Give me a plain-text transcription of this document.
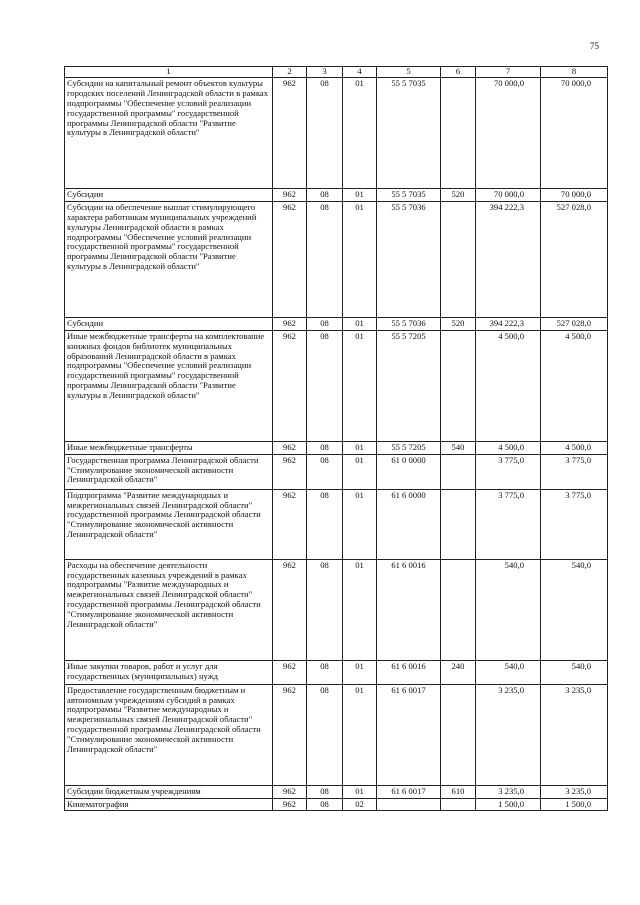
75
1	2	3	4	5	6	7	8
Субсидии на капитальный ремонт объектов культуры городских поселений Ленинградской области в рамках подпрограммы "Обеспечение условий реализации государственной программы" государственной программы Ленинградской области "Развитие культуры в Ленинградской области"	962	08	01	55 5 7035		70 000,0	70 000,0
Субсидии	962	08	01	55 5 7035	520	70 000,0	70 000,0
Субсидии на обеспечение выплат стимулирующего характера работникам муниципальных учреждений культуры Ленинградской области в рамках подпрограммы "Обеспечение условий реализации государственной программы" государственной программы Ленинградской области "Развитие культуры в Ленинградской области"	962	08	01	55 5 7036		394 222,3	527 028,0
Субсидии	962	08	01	55 5 7036	520	394 222,3	527 028,0
Иные межбюджетные трансферты на комплектование книжных фондов библиотек муниципальных образований Ленинградской области в рамках подпрограммы "Обеспечение условий реализации государственной программы" государственной программы Ленинградской области "Развитие культуры в Ленинградской области"	962	08	01	55 5 7205		4 500,0	4 500,0
Иные межбюджетные трансферты	962	08	01	55 5 7205	540	4 500,0	4 500,0
Государственная программа Ленинградской области "Стимулирование экономической активности Ленинградской области"	962	08	01	61 0 0000		3 775,0	3 775,0
Подпрограмма "Развитие международных и межрегиональных связей Ленинградской области" государственной программы Ленинградской области "Стимулирование экономической активности Ленинградской области"	962	08	01	61 6 0000		3 775,0	3 775,0
Расходы на обеспечение деятельности государственных казенных учреждений в рамках подпрограммы "Развитие международных и межрегиональных связей Ленинградской области" государственной программы Ленинградской области "Стимулирование экономической активности Ленинградской области"	962	08	01	61 6 0016		540,0	540,0
Иные закупки товаров, работ и услуг для государственных (муниципальных) нужд	962	08	01	61 6 0016	240	540,0	540,0
Предоставление государственным бюджетным и автономным учреждениям субсидий в рамках подпрограммы "Развитие международных и межрегиональных связей Ленинградской области" государственной программы Ленинградской области "Стимулирование экономической активности Ленинградской области"	962	08	01	61 6 0017		3 235,0	3 235,0
Субсидии бюджетным учреждениям	962	08	01	61 6 0017	610	3 235,0	3 235,0
Кинематография	962	08	02			1 500,0	1 500,0
